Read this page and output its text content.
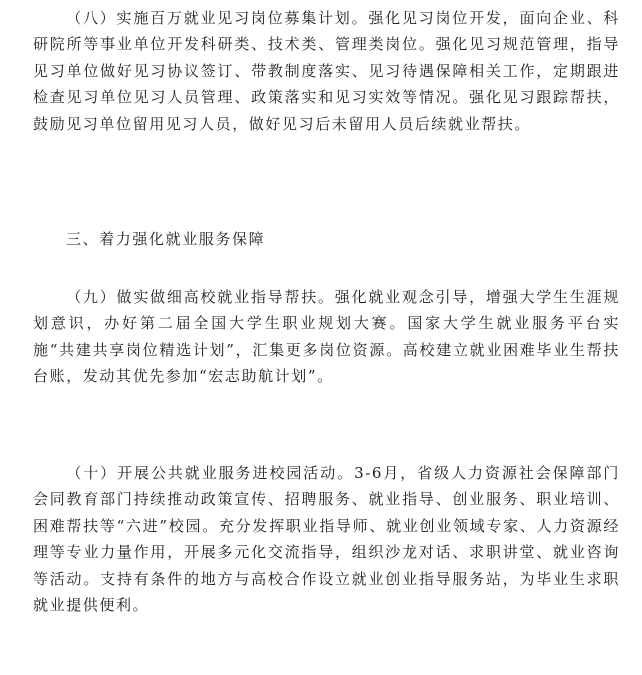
（八）实施百万就业见习岗位募集计划。强化见习岗位开发，面向企业、科研院所等事业单位开发科研类、技术类、管理类岗位。强化见习规范管理，指导见习单位做好见习协议签订、带教制度落实、见习待遇保障相关工作，定期跟进检查见习单位见习人员管理、政策落实和见习实效等情况。强化见习跟踪帮扶，鼓励见习单位留用见习人员，做好见习后未留用人员后续就业帮扶。

三、着力强化就业服务保障

（九）做实做细高校就业指导帮扶。强化就业观念引导，增强大学生生涯规划意识，办好第二届全国大学生职业规划大赛。国家大学生就业服务平台实施“共建共享岗位精选计划”，汇集更多岗位资源。高校建立就业困难毕业生帮扶台账，发动其优先参加“宏志助航计划”。

（十）开展公共就业服务进校园活动。3-6月，省级人力资源社会保障部门会同教育部门持续推动政策宣传、招聘服务、就业指导、创业服务、职业培训、困难帮扶等“六进”校园。充分发挥职业指导师、就业创业领域专家、人力资源经理等专业力量作用，开展多元化交流指导，组织沙龙对话、求职讲堂、就业咨询等活动。支持有条件的地方与高校合作设立就业创业指导服务站，为毕业生求职就业提供便利。
